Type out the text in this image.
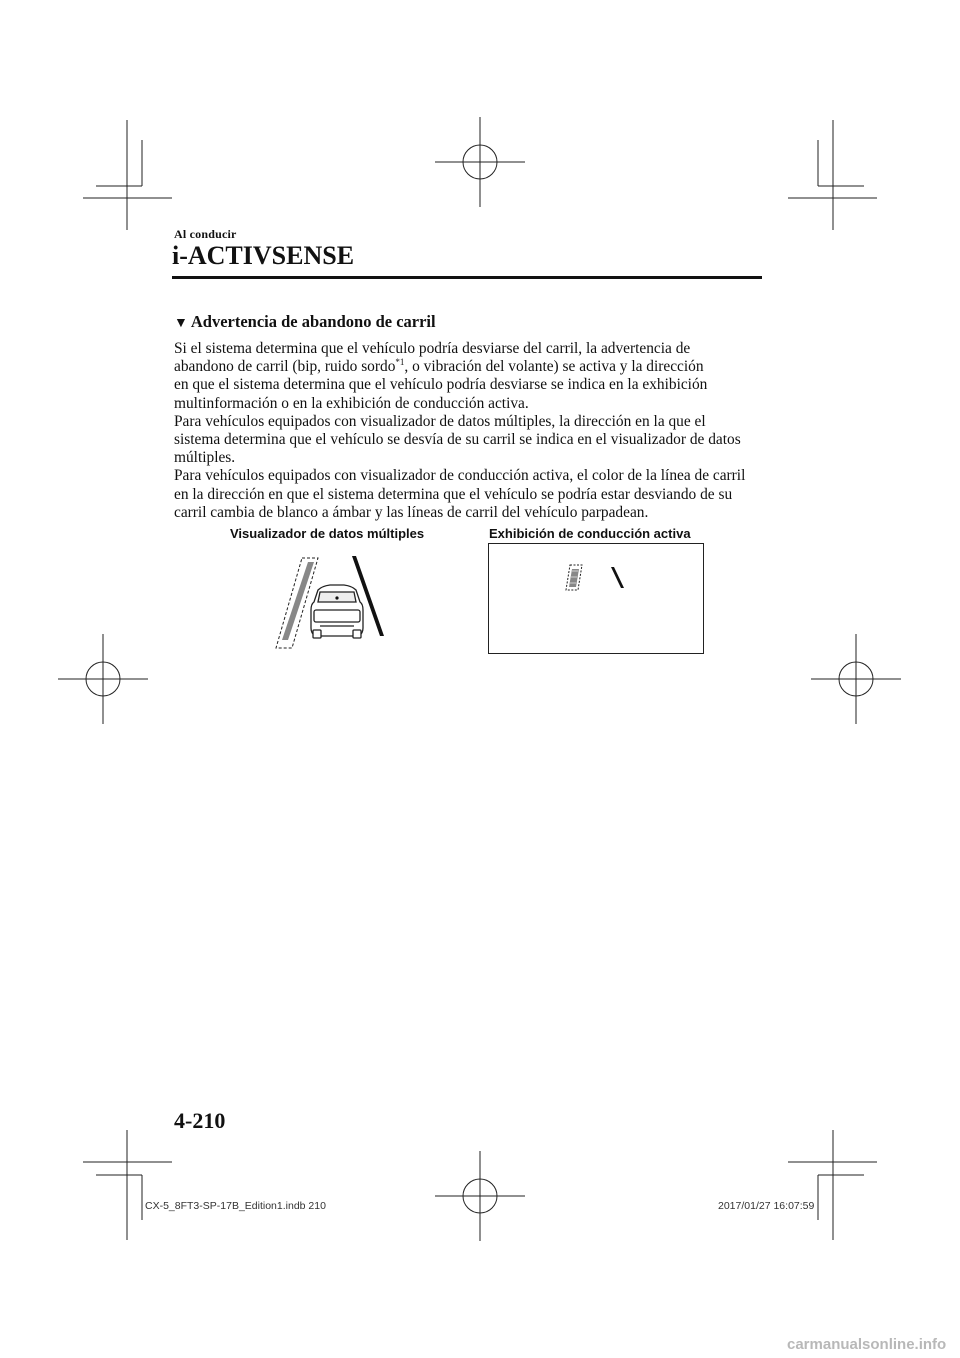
Al conducir
i-ACTIVSENSE
▼ Advertencia de abandono de carril

Si el sistema determina que el vehículo podría desviarse del carril, la advertencia de

abandono de carril (bip, ruido sordo$^{*1}$, o vibración del volante) se activa y la dirección

en que el sistema determina que el vehículo podría desviarse se indica en la exhibición

multinformación o en la exhibición de conducción activa.

Para vehículos equipados con visualizador de datos múltiples, la dirección en la que el

sistema determina que el vehículo se desvía de su carril se indica en el visualizador de datos

múltiples.

Para vehículos equipados con visualizador de conducción activa, el color de la línea de carril

en la dirección en que el sistema determina que el vehículo se podría estar desviando de su

carril cambia de blanco a ámbar y las líneas de carril del vehículo parpadean.

Visualizador de datos múltiples	Exhibición de conducción activa
4-210
CX-5_8FT3-SP-17B_Edition1.indb 210	2017/01/27 16:07:59
carmanualsonline.info
